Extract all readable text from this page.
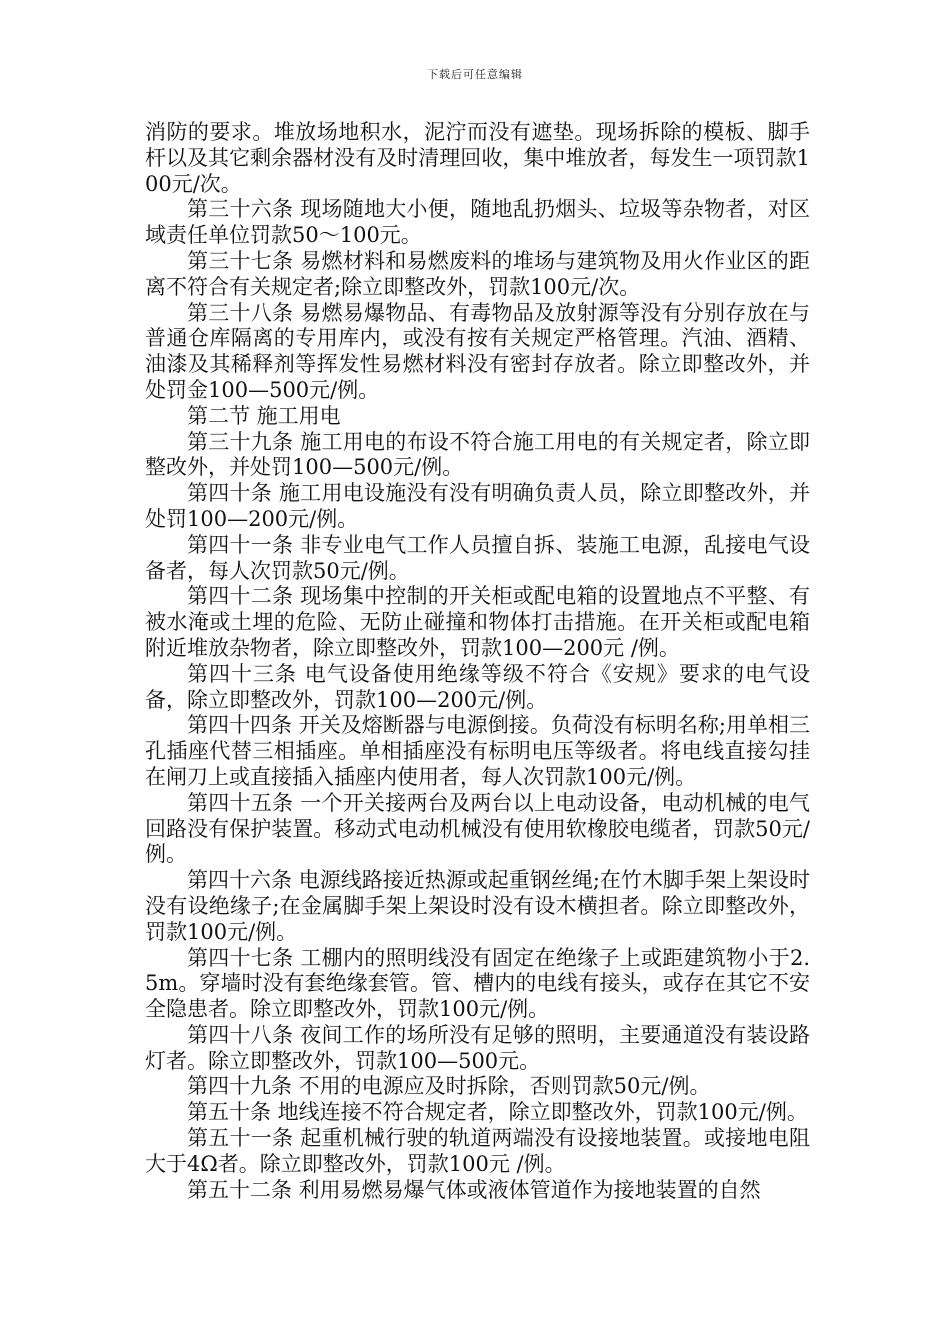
下载后可任意编辑

消防的要求。堆放场地积水，泥泞而没有遮垫。现场拆除的模板、脚手杆以及其它剩余器材没有及时清理回收，集中堆放者，每发生一项罚款100元/次。

第三十六条 现场随地大小便，随地乱扔烟头、垃圾等杂物者，对区域责任单位罚款50～100元。

第三十七条 易燃材料和易燃废料的堆场与建筑物及用火作业区的距离不符合有关规定者;除立即整改外，罚款100元/次。

第三十八条 易燃易爆物品、有毒物品及放射源等没有分别存放在与普通仓库隔离的专用库内，或没有按有关规定严格管理。汽油、酒精、油漆及其稀释剂等挥发性易燃材料没有密封存放者。除立即整改外，并处罚金100—500元/例。

第二节 施工用电

第三十九条 施工用电的布设不符合施工用电的有关规定者，除立即整改外，并处罚100—500元/例。

第四十条 施工用电设施没有没有明确负责人员，除立即整改外，并处罚100—200元/例。

第四十一条 非专业电气工作人员擅自拆、装施工电源，乱接电气设备者，每人次罚款50元/例。

第四十二条 现场集中控制的开关柜或配电箱的设置地点不平整、有被水淹或土埋的危险、无防止碰撞和物体打击措施。在开关柜或配电箱附近堆放杂物者，除立即整改外，罚款100—200元 /例。

第四十三条 电气设备使用绝缘等级不符合《安规》要求的电气设备，除立即整改外，罚款100—200元/例。

第四十四条 开关及熔断器与电源倒接。负荷没有标明名称;用单相三孔插座代替三相插座。单相插座没有标明电压等级者。将电线直接勾挂在闸刀上或直接插入插座内使用者，每人次罚款100元/例。

第四十五条 一个开关接两台及两台以上电动设备，电动机械的电气回路没有保护装置。移动式电动机械没有使用软橡胶电缆者，罚款50元/例。

第四十六条 电源线路接近热源或起重钢丝绳;在竹木脚手架上架设时没有设绝缘子;在金属脚手架上架设时没有设木横担者。除立即整改外，罚款100元/例。

第四十七条 工棚内的照明线没有固定在绝缘子上或距建筑物小于2.5m。穿墙时没有套绝缘套管。管、槽内的电线有接头，或存在其它不安全隐患者。除立即整改外，罚款100元/例。

第四十八条 夜间工作的场所没有足够的照明，主要通道没有装设路灯者。除立即整改外，罚款100—500元。

第四十九条 不用的电源应及时拆除，否则罚款50元/例。

第五十条 地线连接不符合规定者，除立即整改外，罚款100元/例。

第五十一条 起重机械行驶的轨道两端没有设接地装置。或接地电阻大于4Ω者。除立即整改外，罚款100元 /例。

第五十二条 利用易燃易爆气体或液体管道作为接地装置的自然
